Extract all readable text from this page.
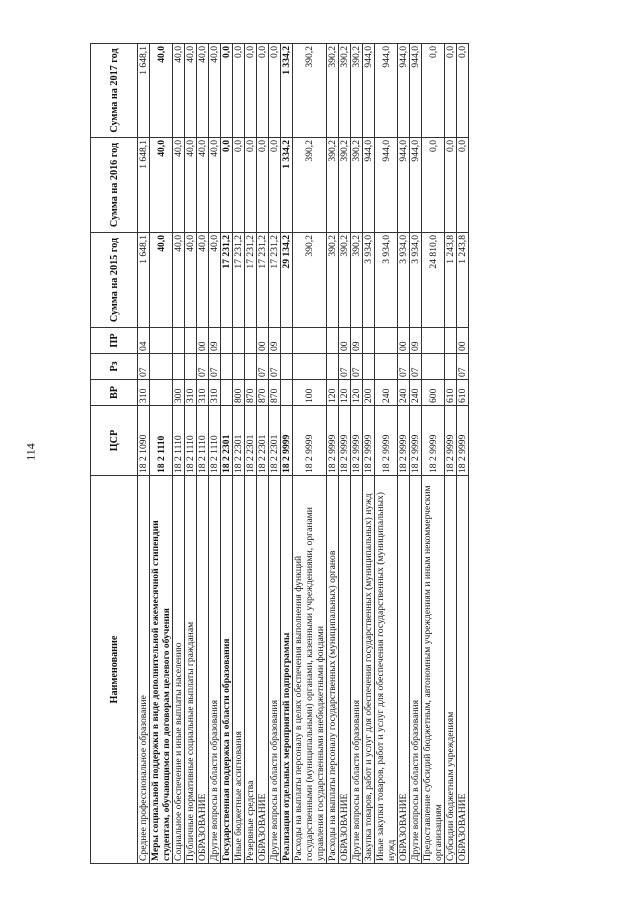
114
Наименование	ЦСР	ВР	Рз	ПР	Сумма на 2015 год	Сумма на 2016 год	Сумма на 2017 год
Среднее профессиональное образование	18 2 1090	310	07	04	1 648,1	1 648,1	1 648,1
Меры социальной поддержки в виде дополнительной ежемесячной стипендии студентам, обучающимся по договорам целевого обучения	18 2 1110				40,0	40,0	40,0
Социальное обеспечение и иные выплаты населению	18 2 1110	300			40,0	40,0	40,0
Публичные нормативные социальные выплаты гражданам	18 2 1110	310			40,0	40,0	40,0
ОБРАЗОВАНИЕ	18 2 1110	310	07	00	40,0	40,0	40,0
Другие вопросы в области образования	18 2 1110	310	07	09	40,0	40,0	40,0
Государственная поддержка в области образования	18 2 2301				17 231,2	0,0	0,0
Иные бюджетные ассигнования	18 2 2301	800			17 231,2	0,0	0,0
Резервные средства	18 2 2301	870			17 231,2	0,0	0,0
ОБРАЗОВАНИЕ	18 2 2301	870	07	00	17 231,2	0,0	0,0
Другие вопросы в области образования	18 2 2301	870	07	09	17 231,2	0,0	0,0
Реализация отдельных мероприятий подпрограммы	18 2 9999				29 134,2	1 334,2	1 334,2
Расходы на выплаты персоналу в целях обеспечения выполнения функций государственными (муниципальными) органами, казенными учреждениями, органами управления государственными внебюджетными фондами	18 2 9999	100			390,2	390,2	390,2
Расходы на выплаты персоналу государственных (муниципальных) органов	18 2 9999	120			390,2	390,2	390,2
ОБРАЗОВАНИЕ	18 2 9999	120	07	00	390,2	390,2	390,2
Другие вопросы в области образования	18 2 9999	120	07	09	390,2	390,2	390,2
Закупка товаров, работ и услуг для обеспечения государственных (муниципальных) нужд	18 2 9999	200			3 934,0	944,0	944,0
Иные закупки товаров, работ и услуг для обеспечения государственных (муниципальных) нужд	18 2 9999	240			3 934,0	944,0	944,0
ОБРАЗОВАНИЕ	18 2 9999	240	07	00	3 934,0	944,0	944,0
Другие вопросы в области образования	18 2 9999	240	07	09	3 934,0	944,0	944,0
Предоставление субсидий бюджетным, автономным учреждениям и иным некоммерческим организациям	18 2 9999	600			24 810,0	0,0	0,0
Субсидии бюджетным учреждениям	18 2 9999	610			1 243,8	0,0	0,0
ОБРАЗОВАНИЕ	18 2 9999	610	07	00	1 243,8	0,0	0,0
